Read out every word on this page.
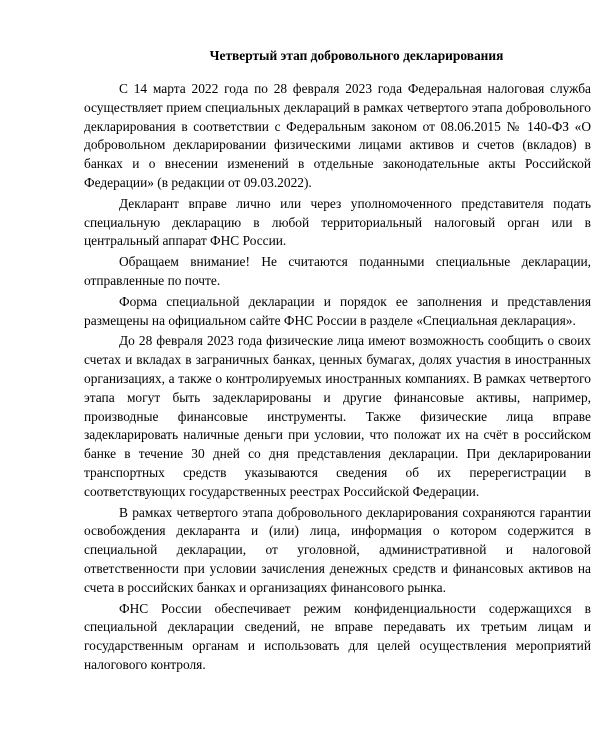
Четвертый этап добровольного декларирования

С 14 марта 2022 года по 28 февраля 2023 года Федеральная налоговая служба осуществляет прием специальных деклараций в рамках четвертого этапа добровольного декларирования в соответствии с Федеральным законом от 08.06.2015 № 140-ФЗ «О добровольном декларировании физическими лицами активов и счетов (вкладов) в банках и о внесении изменений в отдельные законодательные акты Российской Федерации» (в редакции от 09.03.2022).

Декларант вправе лично или через уполномоченного представителя подать специальную декларацию в любой территориальный налоговый орган или в центральный аппарат ФНС России.

Обращаем внимание! Не считаются поданными специальные декларации, отправленные по почте.

Форма специальной декларации и порядок ее заполнения и представления размещены на официальном сайте ФНС России в разделе «Специальная декларация».

До 28 февраля 2023 года физические лица имеют возможность сообщить о своих счетах и вкладах в заграничных банках, ценных бумагах, долях участия в иностранных организациях, а также о контролируемых иностранных компаниях. В рамках четвертого этапа могут быть задекларированы и другие финансовые активы, например, производные финансовые инструменты. Также физические лица вправе задекларировать наличные деньги при условии, что положат их на счёт в российском банке в течение 30 дней со дня представления декларации. При декларировании транспортных средств указываются сведения об их перерегистрации в соответствующих государственных реестрах Российской Федерации.

В рамках четвертого этапа добровольного декларирования сохраняются гарантии освобождения декларанта и (или) лица, информация о котором содержится в специальной декларации, от уголовной, административной и налоговой ответственности при условии зачисления денежных средств и финансовых активов на счета в российских банках и организациях финансового рынка.

ФНС России обеспечивает режим конфиденциальности содержащихся в специальной декларации сведений, не вправе передавать их третьим лицам и государственным органам и использовать для целей осуществления мероприятий налогового контроля.
